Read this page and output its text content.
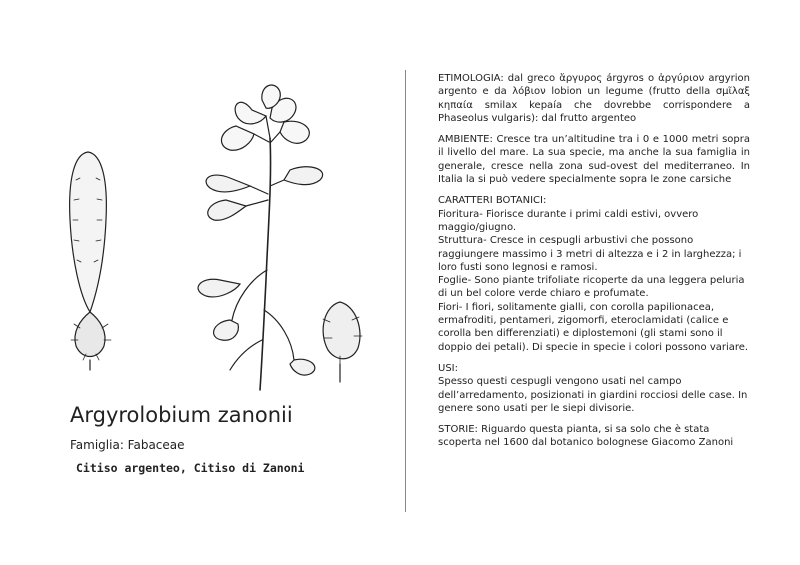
Argyrolobium zanonii
Famiglia: Fabaceae
Citiso argenteo, Citiso di Zanoni
ETIMOLOGIA: dal greco ἄργυρος árgyros o ἀργύριον argyrion argento e da λόβιον lobion un legume (frutto della σμῖλαξ κηπαία smilax kepaía che dovrebbe corrispondere a Phaseolus vulgaris): dal frutto argenteo
AMBIENTE: Cresce tra un’altitudine tra i 0 e 1000 metri sopra il livello del mare. La sua specie, ma anche la sua famiglia in generale, cresce nella zona sud-ovest del mediterraneo. In Italia la si può vedere specialmente sopra le zone carsiche

CARATTERI BOTANICI:

Fioritura- Fiorisce durante i primi caldi estivi, ovvero maggio/giugno.

Struttura- Cresce in cespugli arbustivi che possono raggiungere massimo i 3 metri di altezza e i 2 in larghezza; i loro fusti sono legnosi e ramosi.

Foglie- Sono piante trifoliate ricoperte da una leggera peluria di un bel colore verde chiaro e profumate.

Fiori- I fiori, solitamente gialli, con corolla papilionacea, ermafroditi, pentameri, zigomorfi, eteroclamidati (calice e corolla ben differenziati) e diplostemoni (gli stami sono il doppio dei petali). Di specie in specie i colori possono variare.

USI:

Spesso questi cespugli vengono usati nel campo dell’arredamento, posizionati in giardini rocciosi delle case. In genere sono usati per le siepi divisorie.

STORIE: Riguardo questa pianta, si sa solo che è stata scoperta nel 1600 dal botanico bolognese Giacomo Zanoni
